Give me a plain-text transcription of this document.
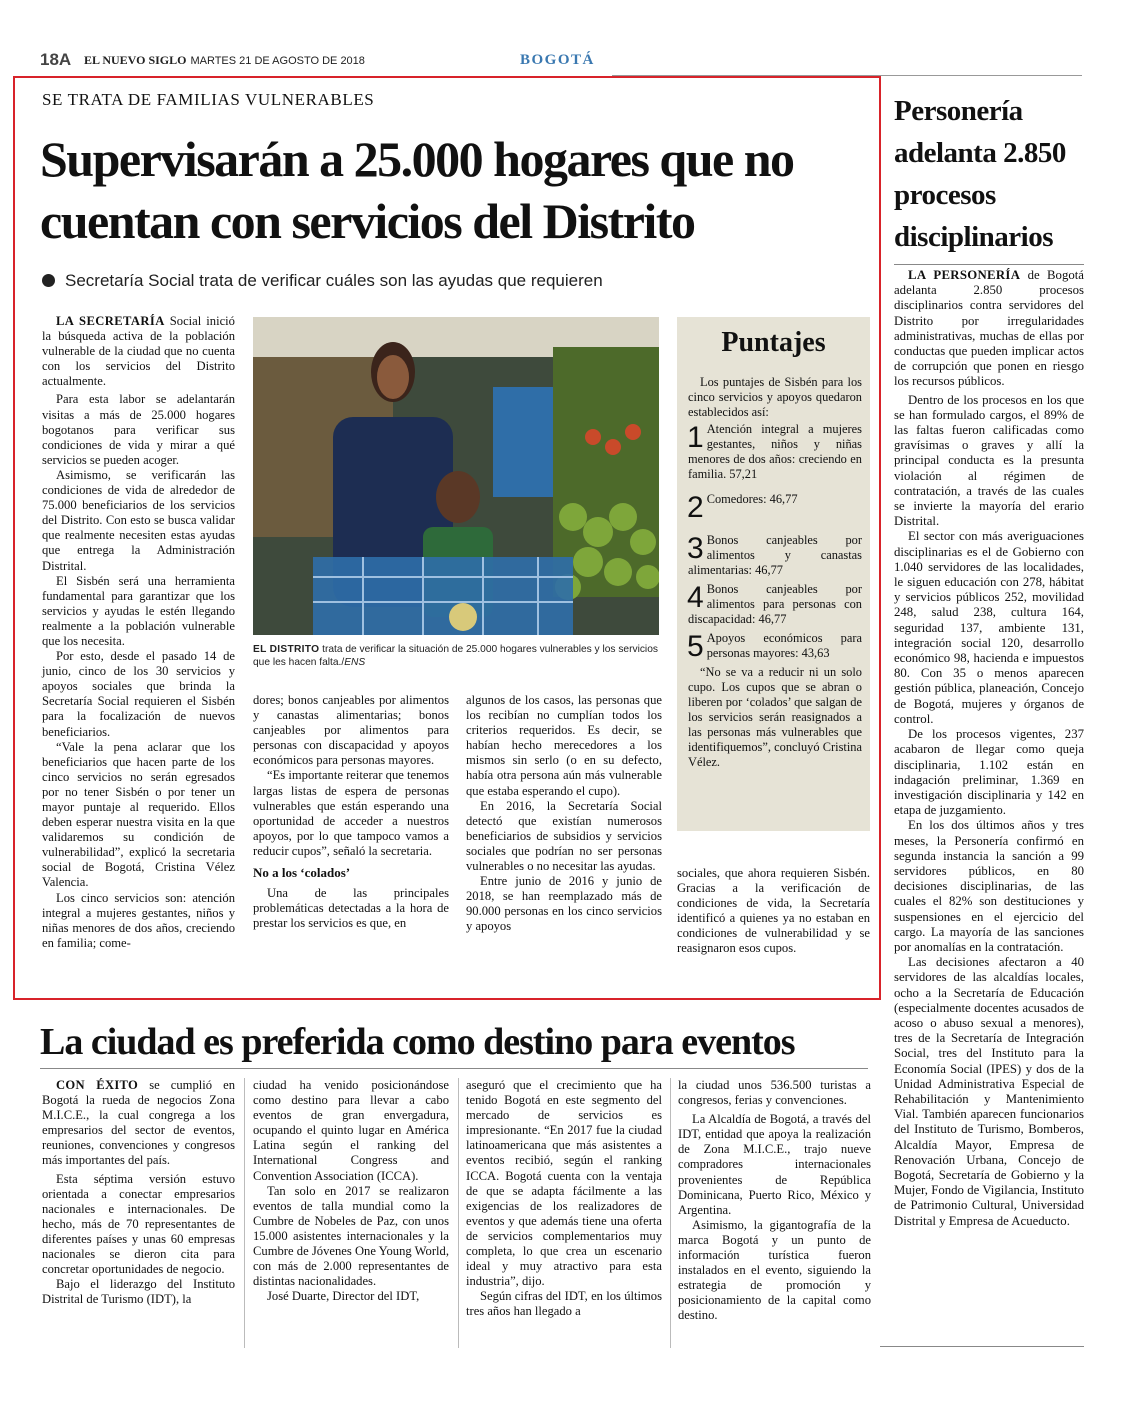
18A EL NUEVO SIGLO MARTES 21 DE AGOSTO DE 2018	BOGOTÁ
SE TRATA DE FAMILIAS VULNERABLES
Supervisarán a 25.000 hogares que no cuentan con servicios del Distrito
Secretaría Social trata de verificar cuáles son las ayudas que requieren

LA SECRETARÍA Social inició la búsqueda activa de la población vulnerable de la ciudad que no cuenta con los servicios del Distrito actualmente.

Para esta labor se adelantarán visitas a más de 25.000 hogares bogotanos para verificar sus condiciones de vida y mirar a qué servicios se pueden acoger.

Asimismo, se verificarán las condiciones de vida de alrededor de 75.000 beneficiarios de los servicios del Distrito. Con esto se busca validar que realmente necesiten estas ayudas que entrega la Administración Distrital.

El Sisbén será una herramienta fundamental para garantizar que los servicios y ayudas le estén llegando realmente a la población vulnerable que los necesita.

Por esto, desde el pasado 14 de junio, cinco de los 30 servicios y apoyos sociales que brinda la Secretaría Social requieren el Sisbén para la focalización de nuevos beneficiarios.

“Vale la pena aclarar que los beneficiarios que hacen parte de los cinco servicios no serán egresados por no tener Sisbén o por tener un mayor puntaje al requerido. Ellos deben esperar nuestra visita en la que validaremos su condición de vulnerabilidad”, explicó la secretaria social de Bogotá, Cristina Vélez Valencia.

Los cinco servicios son: atención integral a mujeres gestantes, niños y niñas menores de dos años, creciendo en familia; come-

EL DISTRITO trata de verificar la situación de 25.000 hogares vulnerables y los servicios que les hacen falta./ENS

dores; bonos canjeables por alimentos y canastas alimentarias; bonos canjeables por alimentos para personas con discapacidad y apoyos económicos para personas mayores.

“Es importante reiterar que tenemos largas listas de espera de personas vulnerables que están esperando una oportunidad de acceder a nuestros apoyos, por lo que tampoco vamos a reducir cupos”, señaló la secretaria.

No a los ‘colados’

Una de las principales problemáticas detectadas a la hora de prestar los servicios es que, en

algunos de los casos, las personas que los recibían no cumplían todos los criterios requeridos. Es decir, se habían hecho merecedores a los mismos sin serlo (o en su defecto, había otra persona aún más vulnerable que estaba esperando el cupo).

En 2016, la Secretaría Social detectó que existían numerosos beneficiarios de subsidios y servicios sociales que podrían no ser personas vulnerables o no necesitar las ayudas.

Entre junio de 2016 y junio de 2018, se han reemplazado más de 90.000 personas en los cinco servicios y apoyos

Puntajes

Los puntajes de Sisbén para los cinco servicios y apoyos quedaron establecidos así:

1 Atención integral a mujeres gestantes, niños y niñas menores de dos años: creciendo en familia. 57,21
2 Comedores: 46,77
3 Bonos canjeables por alimentos y canastas alimentarias: 46,77
4 Bonos canjeables por alimentos para personas con discapacidad: 46,77
5 Apoyos económicos para personas mayores: 43,63

“No se va a reducir ni un solo cupo. Los cupos que se abran o liberen por ‘colados’ que salgan de los servicios serán reasignados a las personas más vulnerables que identifiquemos”, concluyó Cristina Vélez.

sociales, que ahora requieren Sisbén. Gracias a la verificación de condiciones de vida, la Secretaría identificó a quienes ya no estaban en condiciones de vulnerabilidad y se reasignaron esos cupos.

Personería adelanta 2.850 procesos disciplinarios

LA PERSONERÍA de Bogotá adelanta 2.850 procesos disciplinarios contra servidores del Distrito por irregularidades administrativas, muchas de ellas por conductas que pueden implicar actos de corrupción que ponen en riesgo los recursos públicos.

Dentro de los procesos en los que se han formulado cargos, el 89% de las faltas fueron calificadas como gravísimas o graves y allí la principal conducta es la presunta violación al régimen de contratación, a través de las cuales se invierte la mayoría del erario Distrital.

El sector con más averiguaciones disciplinarias es el de Gobierno con 1.040 servidores de las localidades, le siguen educación con 278, hábitat y servicios públicos 252, movilidad 248, salud 238, cultura 164, seguridad 137, ambiente 131, integración social 120, desarrollo económico 98, hacienda e impuestos 80. Con 35 o menos aparecen gestión pública, planeación, Concejo de Bogotá, mujeres y órganos de control.

De los procesos vigentes, 237 acabaron de llegar como queja disciplinaria, 1.102 están en indagación preliminar, 1.369 en investigación disciplinaria y 142 en etapa de juzgamiento.

En los dos últimos años y tres meses, la Personería confirmó en segunda instancia la sanción a 99 servidores públicos, en 80 decisiones disciplinarias, de las cuales el 82% son destituciones y suspensiones en el ejercicio del cargo. La mayoría de las sanciones por anomalías en la contratación.

Las decisiones afectaron a 40 servidores de las alcaldías locales, ocho a la Secretaría de Educación (especialmente docentes acusados de acoso o abuso sexual a menores), tres de la Secretaría de Integración Social, tres del Instituto para la Economía Social (IPES) y dos de la Unidad Administrativa Especial de Rehabilitación y Mantenimiento Vial. También aparecen funcionarios del Instituto de Turismo, Bomberos, Alcaldía Mayor, Empresa de Renovación Urbana, Concejo de Bogotá, Secretaría de Gobierno y la Mujer, Fondo de Vigilancia, Instituto de Patrimonio Cultural, Universidad Distrital y Empresa de Acueducto.

La ciudad es preferida como destino para eventos

CON ÉXITO se cumplió en Bogotá la rueda de negocios Zona M.I.C.E., la cual congrega a los empresarios del sector de eventos, reuniones, convenciones y congresos más importantes del país.

Esta séptima versión estuvo orientada a conectar empresarios nacionales e internacionales. De hecho, más de 70 representantes de diferentes países y unas 60 empresas nacionales se dieron cita para concretar oportunidades de negocio.

Bajo el liderazgo del Instituto Distrital de Turismo (IDT), la

ciudad ha venido posicionándose como destino para llevar a cabo eventos de gran envergadura, ocupando el quinto lugar en América Latina según el ranking del International Congress and Convention Association (ICCA).

Tan solo en 2017 se realizaron eventos de talla mundial como la Cumbre de Nobeles de Paz, con unos 15.000 asistentes internacionales y la Cumbre de Jóvenes One Young World, con más de 2.000 representantes de distintas nacionalidades.

José Duarte, Director del IDT,

aseguró que el crecimiento que ha tenido Bogotá en este segmento del mercado de servicios es impresionante. “En 2017 fue la ciudad latinoamericana que más asistentes a eventos recibió, según el ranking ICCA. Bogotá cuenta con la ventaja de que se adapta fácilmente a las exigencias de los realizadores de eventos y que además tiene una oferta de servicios complementarios muy completa, lo que crea un escenario ideal y muy atractivo para esta industria”, dijo.

Según cifras del IDT, en los últimos tres años han llegado a

la ciudad unos 536.500 turistas a congresos, ferias y convenciones.

La Alcaldía de Bogotá, a través del IDT, entidad que apoya la realización de Zona M.I.C.E., trajo nueve compradores internacionales provenientes de República Dominicana, Puerto Rico, México y Argentina.

Asimismo, la gigantografía de la marca Bogotá y un punto de información turística fueron instalados en el evento, siguiendo la estrategia de promoción y posicionamiento de la capital como destino.
